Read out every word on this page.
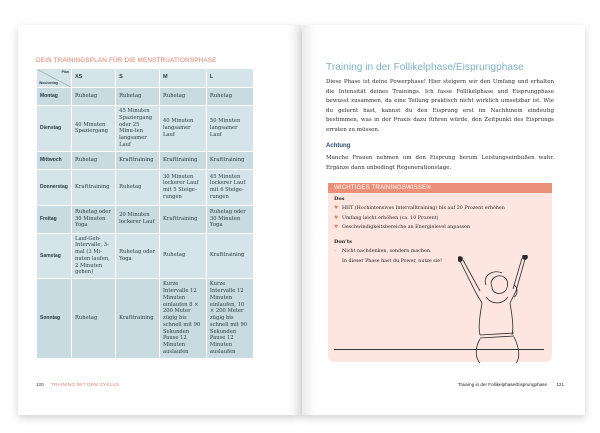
DEIN TRAININGSPLAN FÜR DIE MENSTRUATIONSPHASE
Plan
Wochentag	XS	S	M	L
Montag	Ruhetag	Ruhetag	Ruhetag	Ruhetag
Dienstag	40 Minuten Spaziergang	45 Minuten Spaziergang oder 25 Minu-ten langsamer Lauf	40 Minuten langsamer Lauf	50 Minuten langsamer Lauf
Mittwoch	Ruhetag	Krafttraining	Krafttraining	Krafttraining
Donnerstag	Krafttraining	Ruhetag	30 Minuten lockerer Lauf mit 5 Steige-rungen	45 Minuten lockerer Lauf mit 6 Steige-rungen
Freitag	Ruhetag oder 30 Minuten Yoga	20 Minuten lockerer Lauf	Krafttraining	Ruhetag oder 30 Minuten Yoga
Samstag	Lauf-Geh-Intervalle, 3-mal (3 Mi-nuten laufen, 2 Minuten gehen)	Ruhetag oder Yoga	Ruhetag	Krafttraining
Sonntag	Ruhetag	Krafttraining	Kurze Intervalle 12 Minuten einlaufen 8 × 200 Meter zügig bis schnell mit 90 Sekunden Pause 12 Minuten auslaufen	Kurze Intervalle 12 Minuten einlaufen, 10 × 200 Meter zügig bis schnell mit 90 Sekunden Pause 12 Minuten auslaufen
120 TRAINING MIT DEM ZYKLUS
Training in der Follikelphase/Eisprungphase
Diese Phase ist deine Powerphase! Hier steigern wir den Umfang und erhalten die Intensität deines Trainings. Ich fasse Follikelphase und Eisprungphase bewusst zusammen, da eine Teilung praktisch nicht wirklich umsetzbar ist. Wie du gelernt hast, kannst du den Eisprung erst im Nachhinein eindeutig bestimmen, was in der Praxis dazu führen würde, den Zeitpunkt des Eisprungs erraten zu müssen.
Achtung
Manche Frauen nehmen um den Eisprung herum Leistungseinbußen wahr. Ergänze dann unbedingt Regenerationstage.
WICHTIGES TRAININGSWISSEN
Dos
♥ HIIT (Hochintensives Intervalltraining) bis auf 20 Prozent erhöhen
♥ Umfang leicht erhöhen (ca. 10 Prozent)
♥ Geschwindigkeitsbereiche an Energielevel anpassen
Don'ts
– Nicht nachdenken, sondern machen.
In dieser Phase hast du Power, nutze sie!
Training in der Follikelphase/Eisprungphase 121
